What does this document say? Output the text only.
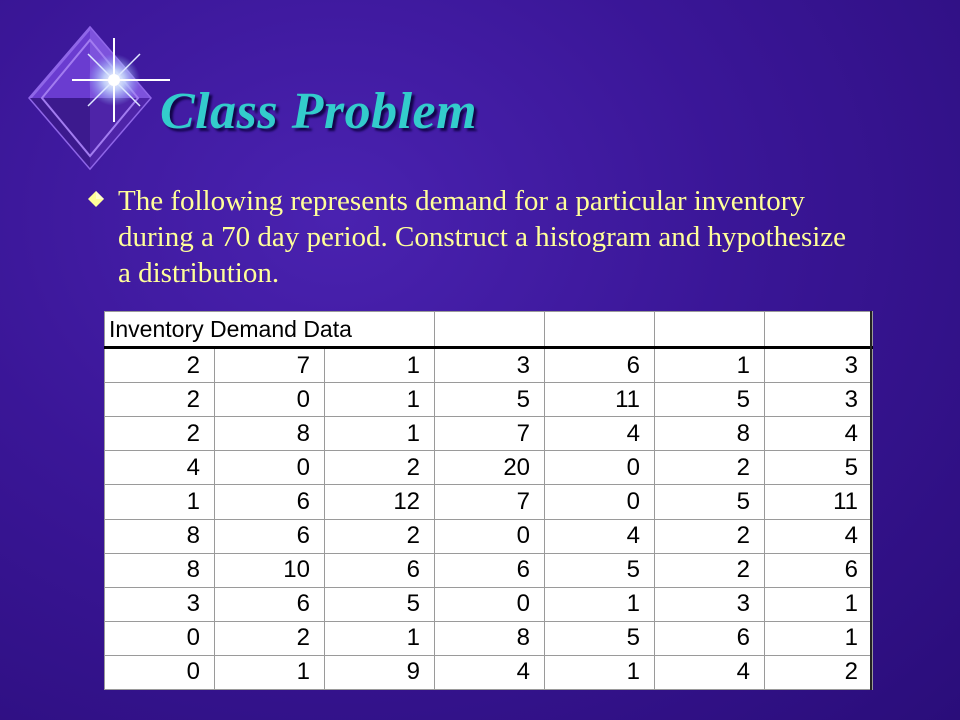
Class Problem

The following represents demand for a particular inventory during a 70 day period. Construct a histogram and hypothesize a distribution.

Inventory Demand Data						
2	7	1	3	6	1	3
2	0	1	5	11	5	3
2	8	1	7	4	8	4
4	0	2	20	0	2	5
1	6	12	7	0	5	11
8	6	2	0	4	2	4
8	10	6	6	5	2	6
3	6	5	0	1	3	1
0	2	1	8	5	6	1
0	1	9	4	1	4	2
